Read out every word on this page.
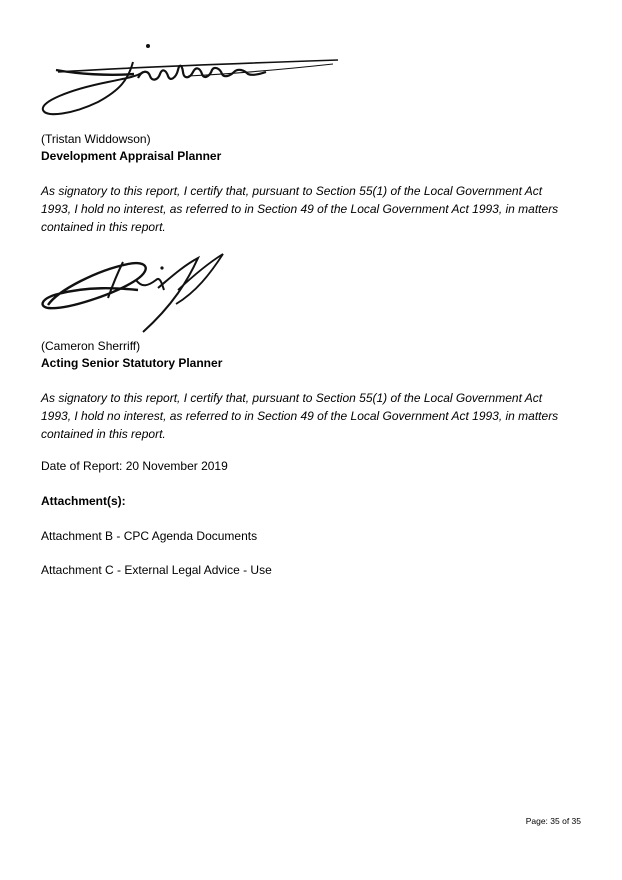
(Tristan Widdowson)
Development Appraisal Planner
As signatory to this report, I certify that, pursuant to Section 55(1) of the Local Government Act
1993, I hold no interest, as referred to in Section 49 of the Local Government Act 1993, in matters
contained in this report.
(Cameron Sherriff)
Acting Senior Statutory Planner
As signatory to this report, I certify that, pursuant to Section 55(1) of the Local Government Act
1993, I hold no interest, as referred to in Section 49 of the Local Government Act 1993, in matters
contained in this report.
Date of Report: 20 November 2019
Attachment(s):
Attachment B - CPC Agenda Documents
Attachment C - External Legal Advice - Use
Page: 35 of 35
